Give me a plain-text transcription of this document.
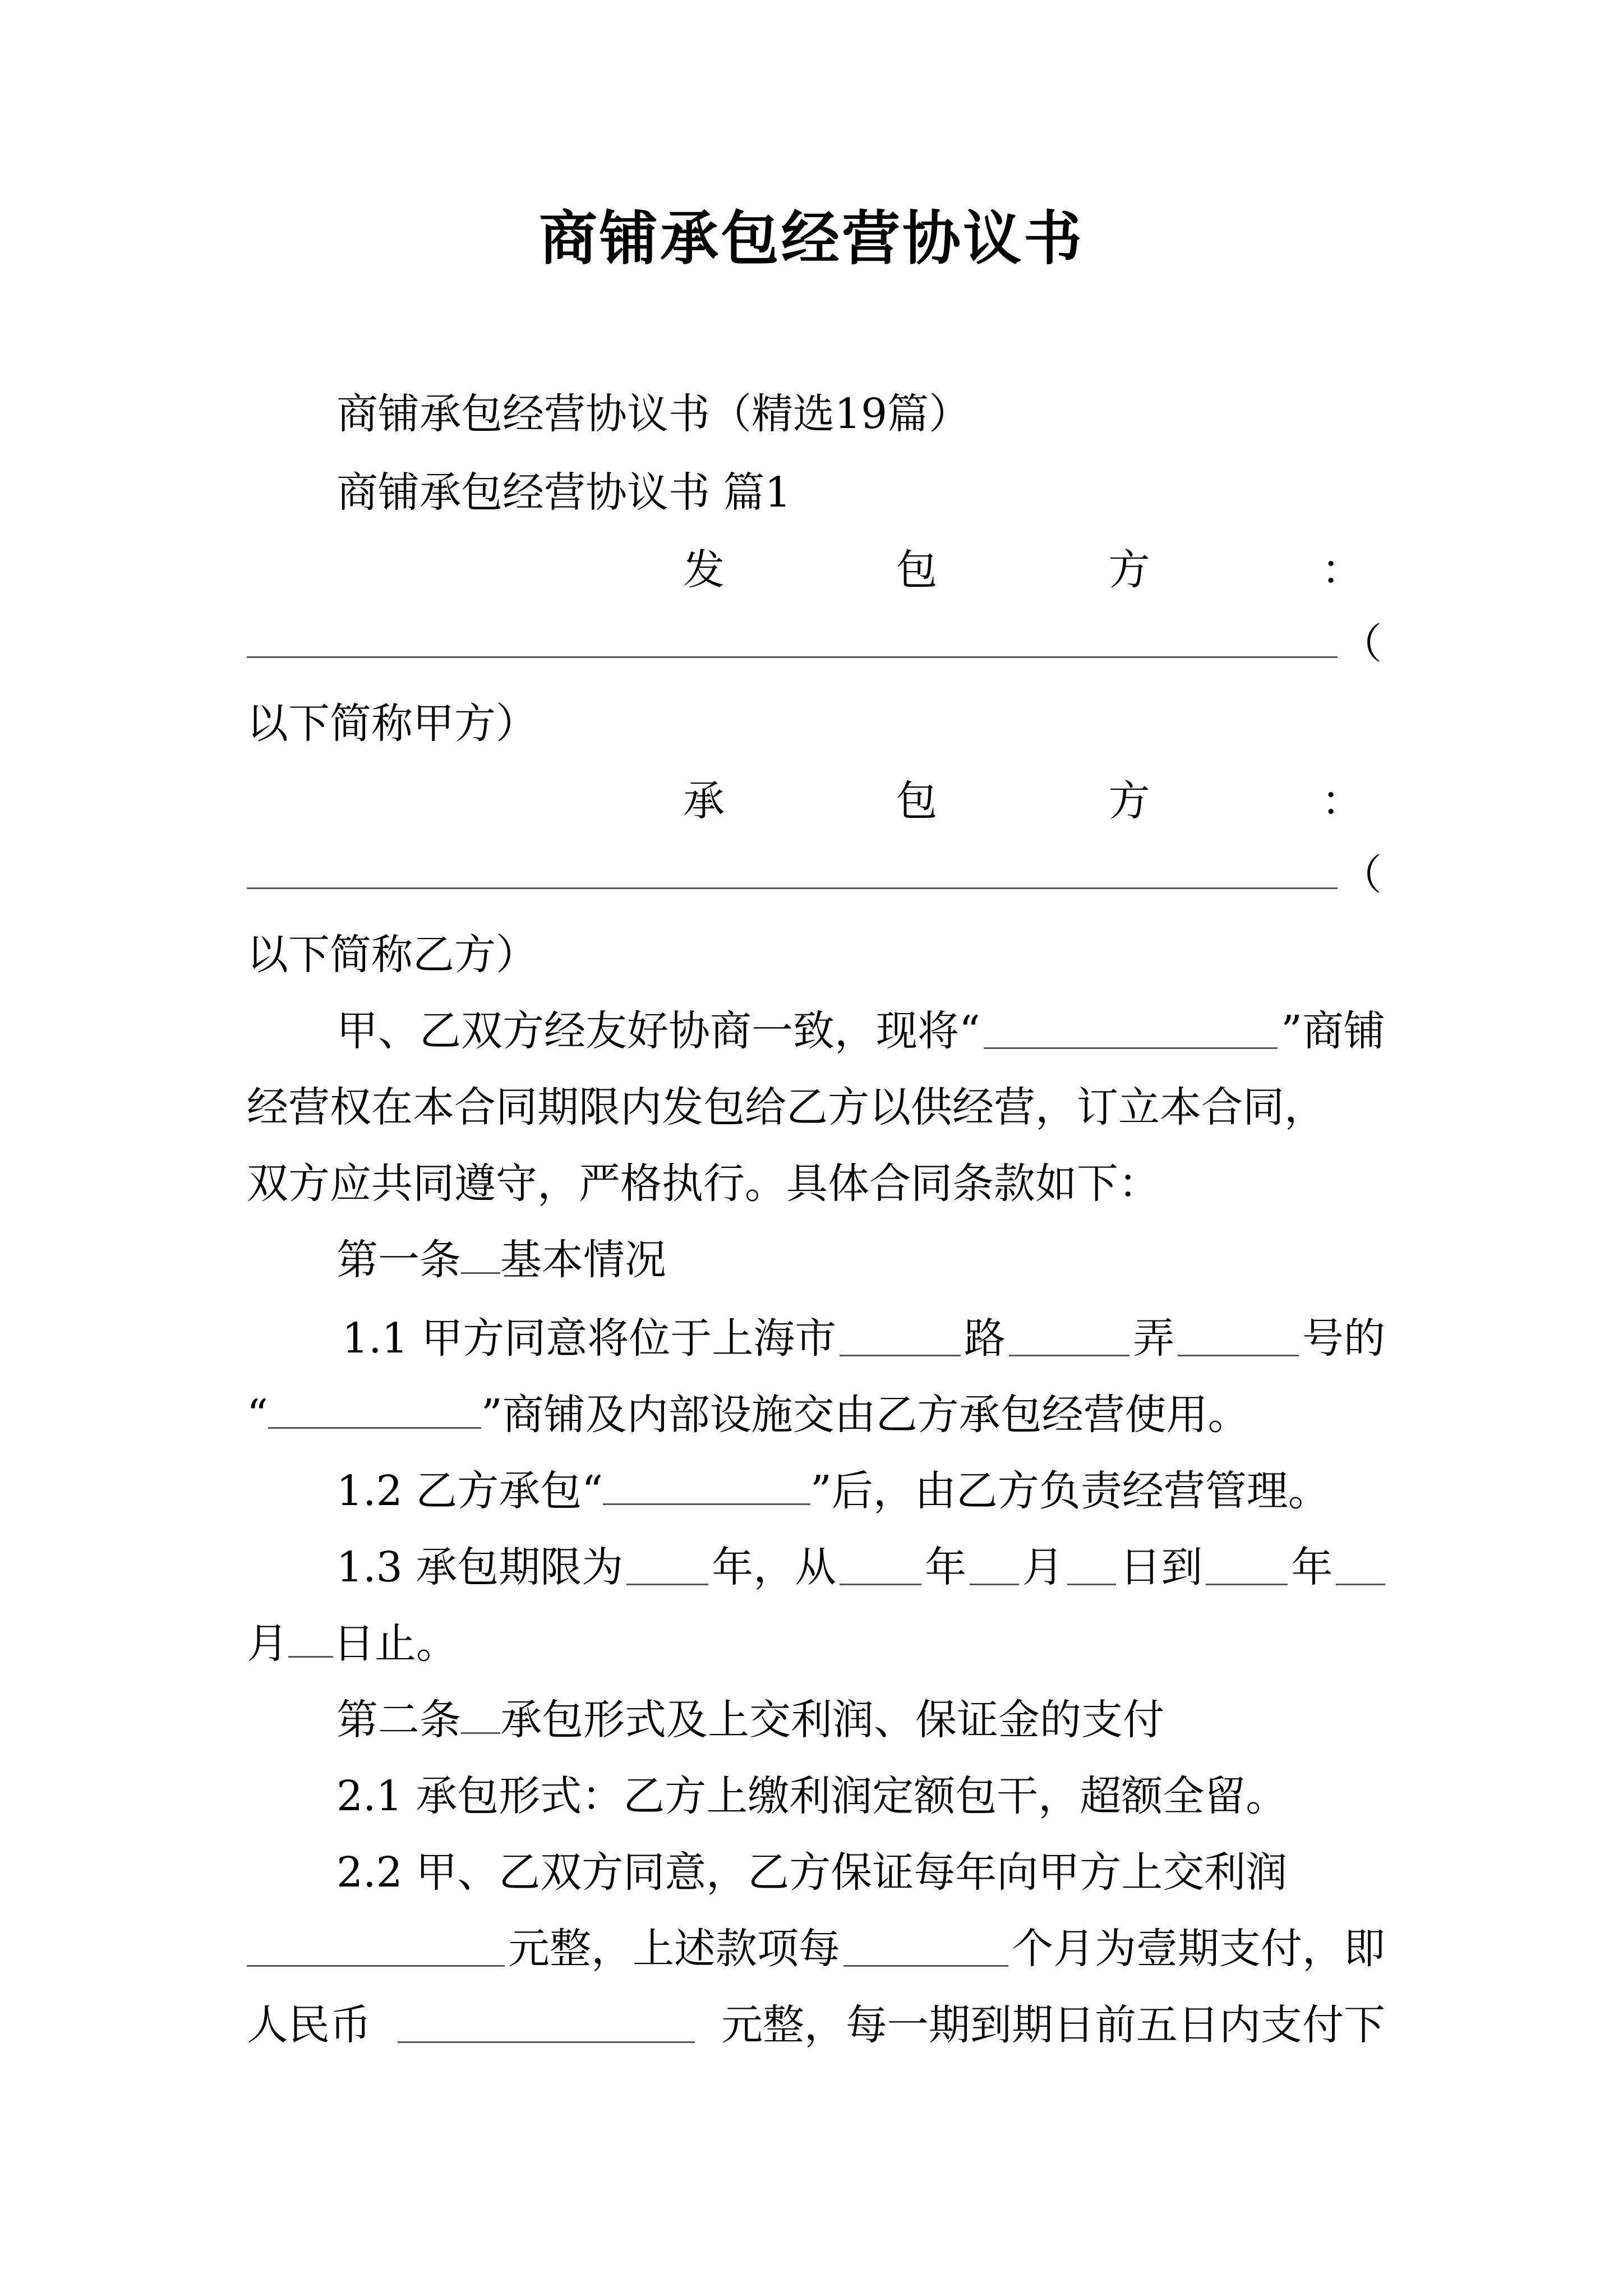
商铺承包经营协议书
商铺承包经营协议书（精选19篇）
商铺承包经营协议书 篇1
发	包	方	：
（
以下简称甲方）
承	包	方	：
（
以下简称乙方）
甲、乙双方经友好协商一致，现将“	”商铺
经营权在本合同期限内发包给乙方以供经营，订立本合同，
双方应共同遵守，严格执行。具体合同条款如下：
第一条 基本情况
1.1 甲方同意将位于上海市	路	弄	号的
“	”商铺及内部设施交由乙方承包经营使用。
1.2 乙方承包“	”后，由乙方负责经营管理。
1.3 承包期限为 年，从 年 月 日到 年
月 日止。
第二条 承包形式及上交利润、保证金的支付
2.1 承包形式：乙方上缴利润定额包干，超额全留。
2.2 甲、乙双方同意，乙方保证每年向甲方上交利润
元整，上述款项每	个月为壹期支付，即
人民币	元整，每一期到期日前五日内支付下
